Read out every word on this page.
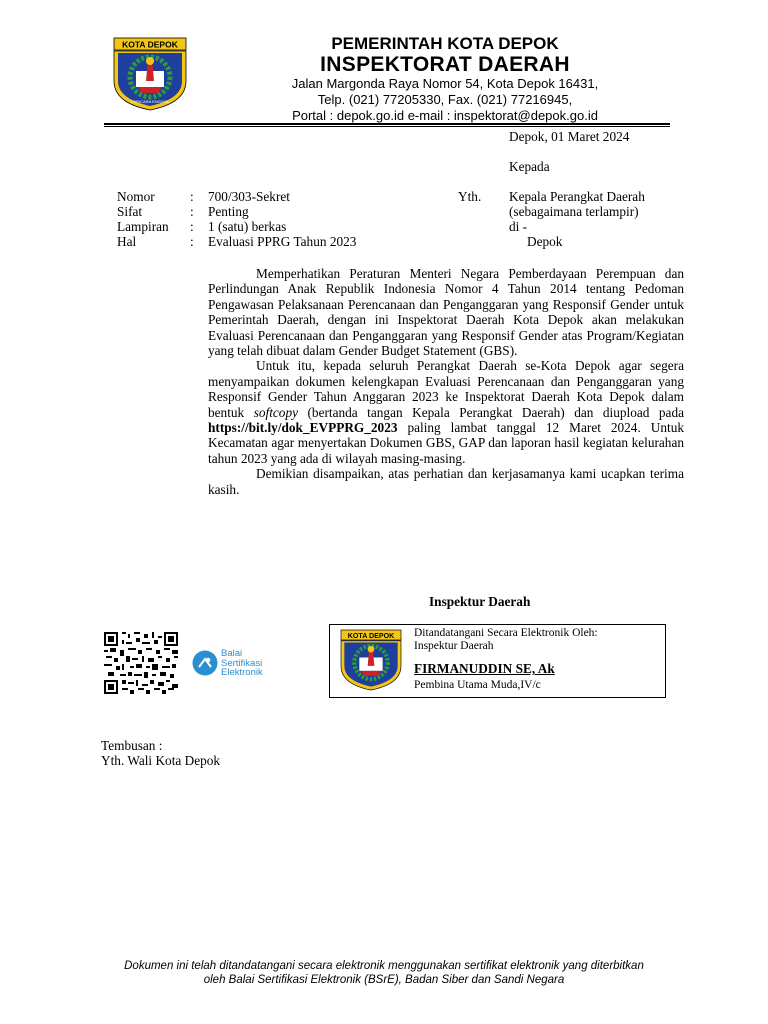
KOTA DEPOK
PARICARA ENGGAL
PEMERINTAH KOTA DEPOK
INSPEKTORAT DAERAH
Jalan Margonda Raya Nomor 54, Kota Depok 16431,
Telp. (021) 77205330, Fax. (021) 77216945,
Portal : depok.go.id e-mail : inspektorat@depok.go.id
Depok, 01 Maret 2024
Kepada
Nomor	:	700/303-Sekret
Sifat	:	Penting
Lampiran	:	1 (satu) berkas
Hal	:	Evaluasi PPRG Tahun 2023
Yth. Kepala Perangkat Daerah
(sebagaimana terlampir)
di -
Depok

Memperhatikan Peraturan Menteri Negara Pemberdayaan Perempuan dan Perlindungan Anak Republik Indonesia Nomor 4 Tahun 2014 tentang Pedoman Pengawasan Pelaksanaan Perencanaan dan Penganggaran yang Responsif Gender untuk Pemerintah Daerah, dengan ini Inspektorat Daerah Kota Depok akan melakukan Evaluasi Perencanaan dan Penganggaran yang Responsif Gender atas Program/Kegiatan yang telah dibuat dalam Gender Budget Statement (GBS).

Untuk itu, kepada seluruh Perangkat Daerah se-Kota Depok agar segera menyampaikan dokumen kelengkapan Evaluasi Perencanaan dan Penganggaran yang Responsif Gender Tahun Anggaran 2023 ke Inspektorat Daerah Kota Depok dalam bentuk softcopy (bertanda tangan Kepala Perangkat Daerah) dan diupload pada https://bit.ly/dok_EVPPRG_2023 paling lambat tanggal 12 Maret 2024. Untuk Kecamatan agar menyertakan Dokumen GBS, GAP dan laporan hasil kegiatan kelurahan tahun 2023 yang ada di wilayah masing-masing.

Demikian disampaikan, atas perhatian dan kerjasamanya kami ucapkan terima kasih.

Inspektur Daerah
KOTA DEPOK Ditandatangani Secara Elektronik Oleh:
Inspektur Daerah
FIRMANUDDIN SE, Ak
Pembina Utama Muda,IV/c
Balai
Sertifikasi
Elektronik
Tembusan :
Yth. Wali Kota Depok
Dokumen ini telah ditandatangani secara elektronik menggunakan sertifikat elektronik yang diterbitkan
oleh Balai Sertifikasi Elektronik (BSrE), Badan Siber dan Sandi Negara
